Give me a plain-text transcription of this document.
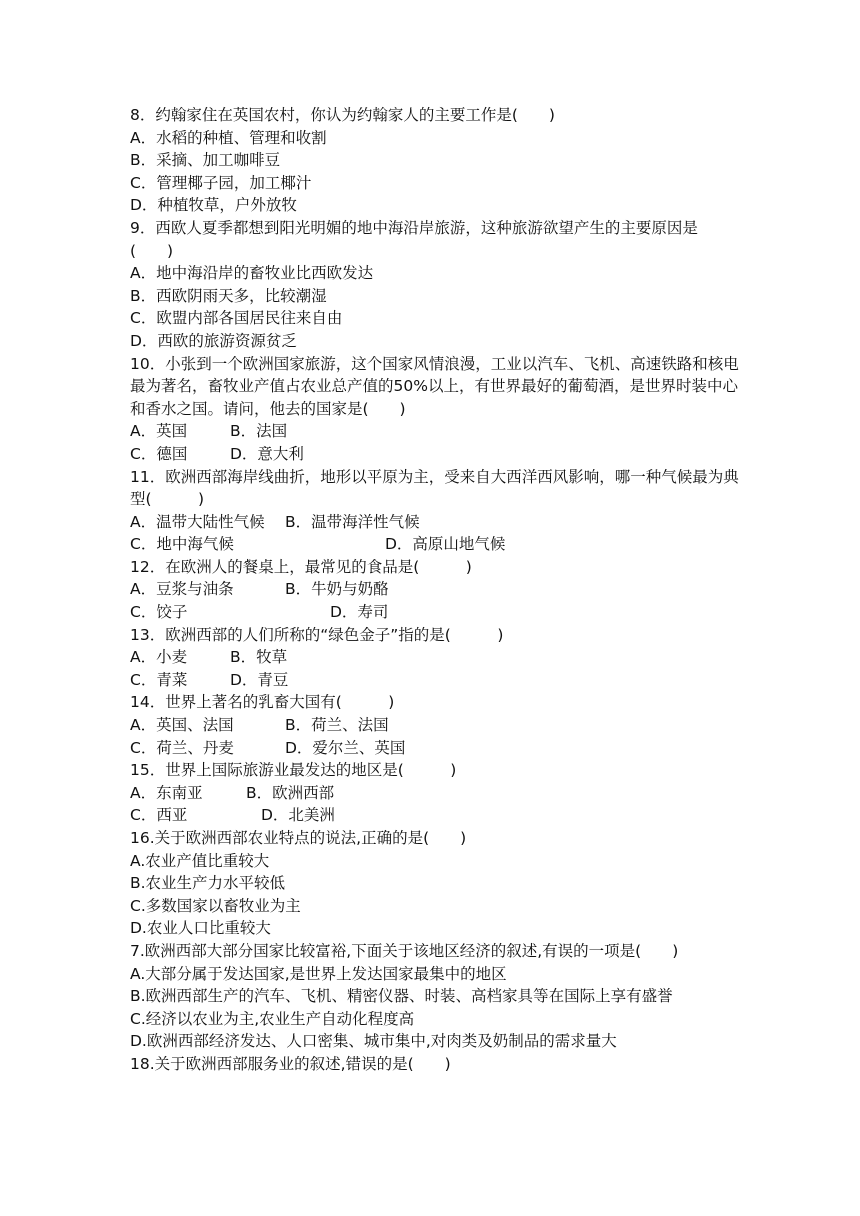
8．约翰家住在英国农村，你认为约翰家人的主要工作是(　　)
A．水稻的种植、管理和收割
B．采摘、加工咖啡豆
C．管理椰子园，加工椰汁
D．种植牧草，户外放牧
9．西欧人夏季都想到阳光明媚的地中海沿岸旅游，这种旅游欲望产生的主要原因是(　　)
A．地中海沿岸的畜牧业比西欧发达
B．西欧阴雨天多，比较潮湿
C．欧盟内部各国居民往来自由
D．西欧的旅游资源贫乏
10．小张到一个欧洲国家旅游，这个国家风情浪漫，工业以汽车、飞机、高速铁路和核电最为著名，畜牧业产值占农业总产值的50%以上，有世界最好的葡萄酒，是世界时装中心和香水之国。请问，他去的国家是(　　)
A．英国	B．法国
C．德国	D．意大利
11．欧洲西部海岸线曲折，地形以平原为主，受来自大西洋西风影响，哪一种气候最为典型(　　　)
A．温带大陆性气候 B．温带海洋性气候
C．地中海气候	D．高原山地气候
12．在欧洲人的餐桌上，最常见的食品是(　　　)
A．豆浆与油条	B．牛奶与奶酪
C．饺子	D．寿司
13．欧洲西部的人们所称的“绿色金子”指的是(　　　)
A．小麦	B．牧草
C．青菜	D．青豆
14．世界上著名的乳畜大国有(　　　)
A．英国、法国	B．荷兰、法国
C．荷兰、丹麦	D．爱尔兰、英国
15．世界上国际旅游业最发达的地区是(　　　)
A．东南亚	B．欧洲西部
C．西亚	D．北美洲
16.关于欧洲西部农业特点的说法,正确的是(　　)
A.农业产值比重较大
B.农业生产力水平较低
C.多数国家以畜牧业为主
D.农业人口比重较大
7.欧洲西部大部分国家比较富裕,下面关于该地区经济的叙述,有误的一项是(　　)
A.大部分属于发达国家,是世界上发达国家最集中的地区
B.欧洲西部生产的汽车、飞机、精密仪器、时装、高档家具等在国际上享有盛誉
C.经济以农业为主,农业生产自动化程度高
D.欧洲西部经济发达、人口密集、城市集中,对肉类及奶制品的需求量大
18.关于欧洲西部服务业的叙述,错误的是(　　)
